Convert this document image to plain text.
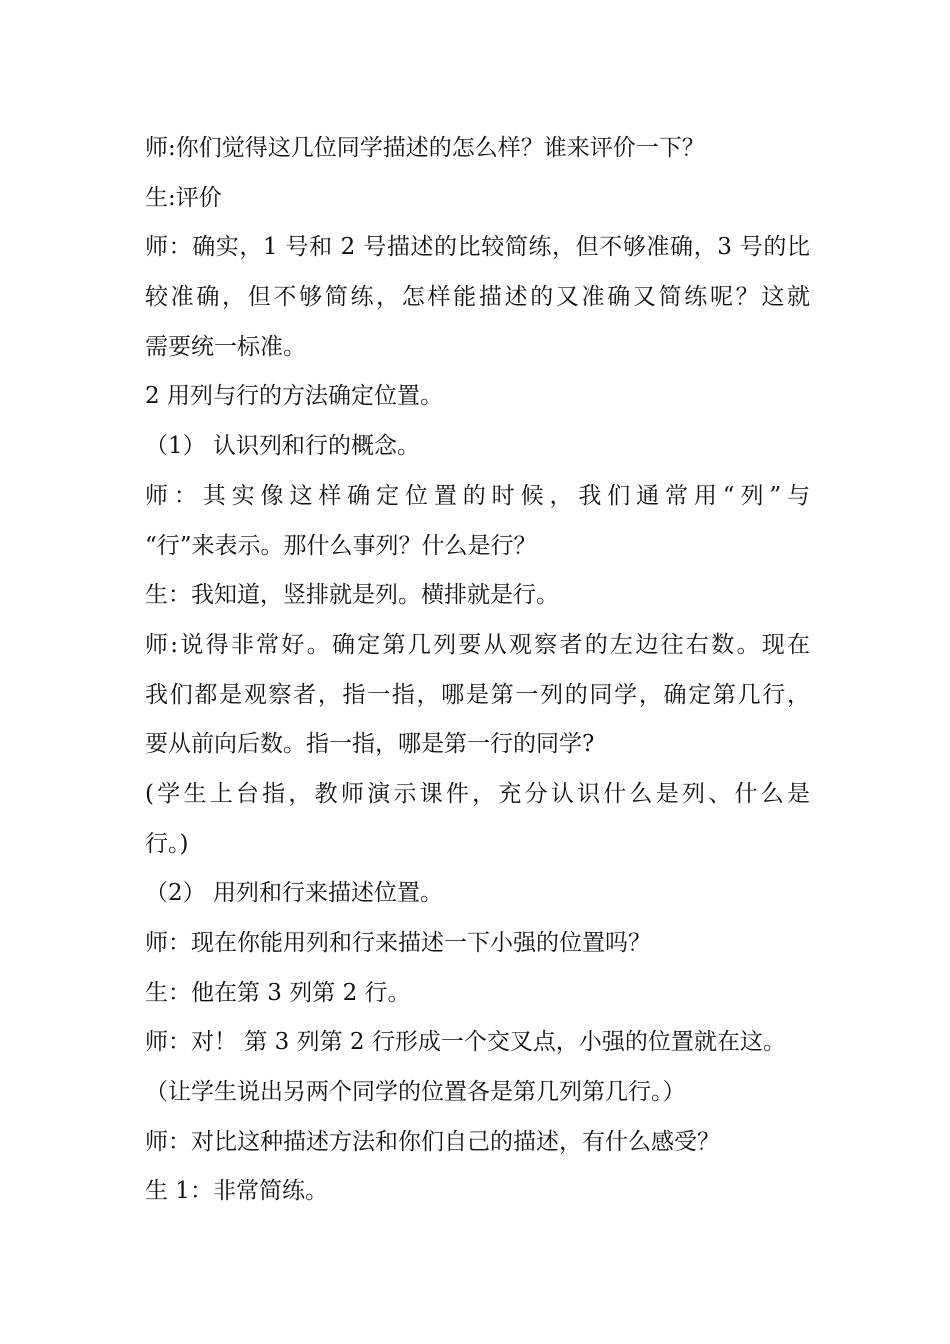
师:你们觉得这几位同学描述的怎么样？谁来评价一下？
生:评价
师：确实，1 号和 2 号描述的比较简练，但不够准确，3 号的比
较准确，但不够简练，怎样能描述的又准确又简练呢？这就
需要统一标准。
2 用列与行的方法确定位置。
（1） 认识列和行的概念。
师：其实像这样确定位置的时候，我们通常用“列”与
“行”来表示。那什么事列？什么是行？
生：我知道，竖排就是列。横排就是行。
师:说得非常好。确定第几列要从观察者的左边往右数。现在
我们都是观察者，指一指，哪是第一列的同学，确定第几行，
要从前向后数。指一指，哪是第一行的同学?
(学生上台指，教师演示课件，充分认识什么是列、什么是
行。)
（2） 用列和行来描述位置。
师：现在你能用列和行来描述一下小强的位置吗？
生：他在第 3 列第 2 行。
师：对！ 第 3 列第 2 行形成一个交叉点，小强的位置就在这。
（让学生说出另两个同学的位置各是第几列第几行。）
师：对比这种描述方法和你们自己的描述，有什么感受？
生 1：非常简练。
